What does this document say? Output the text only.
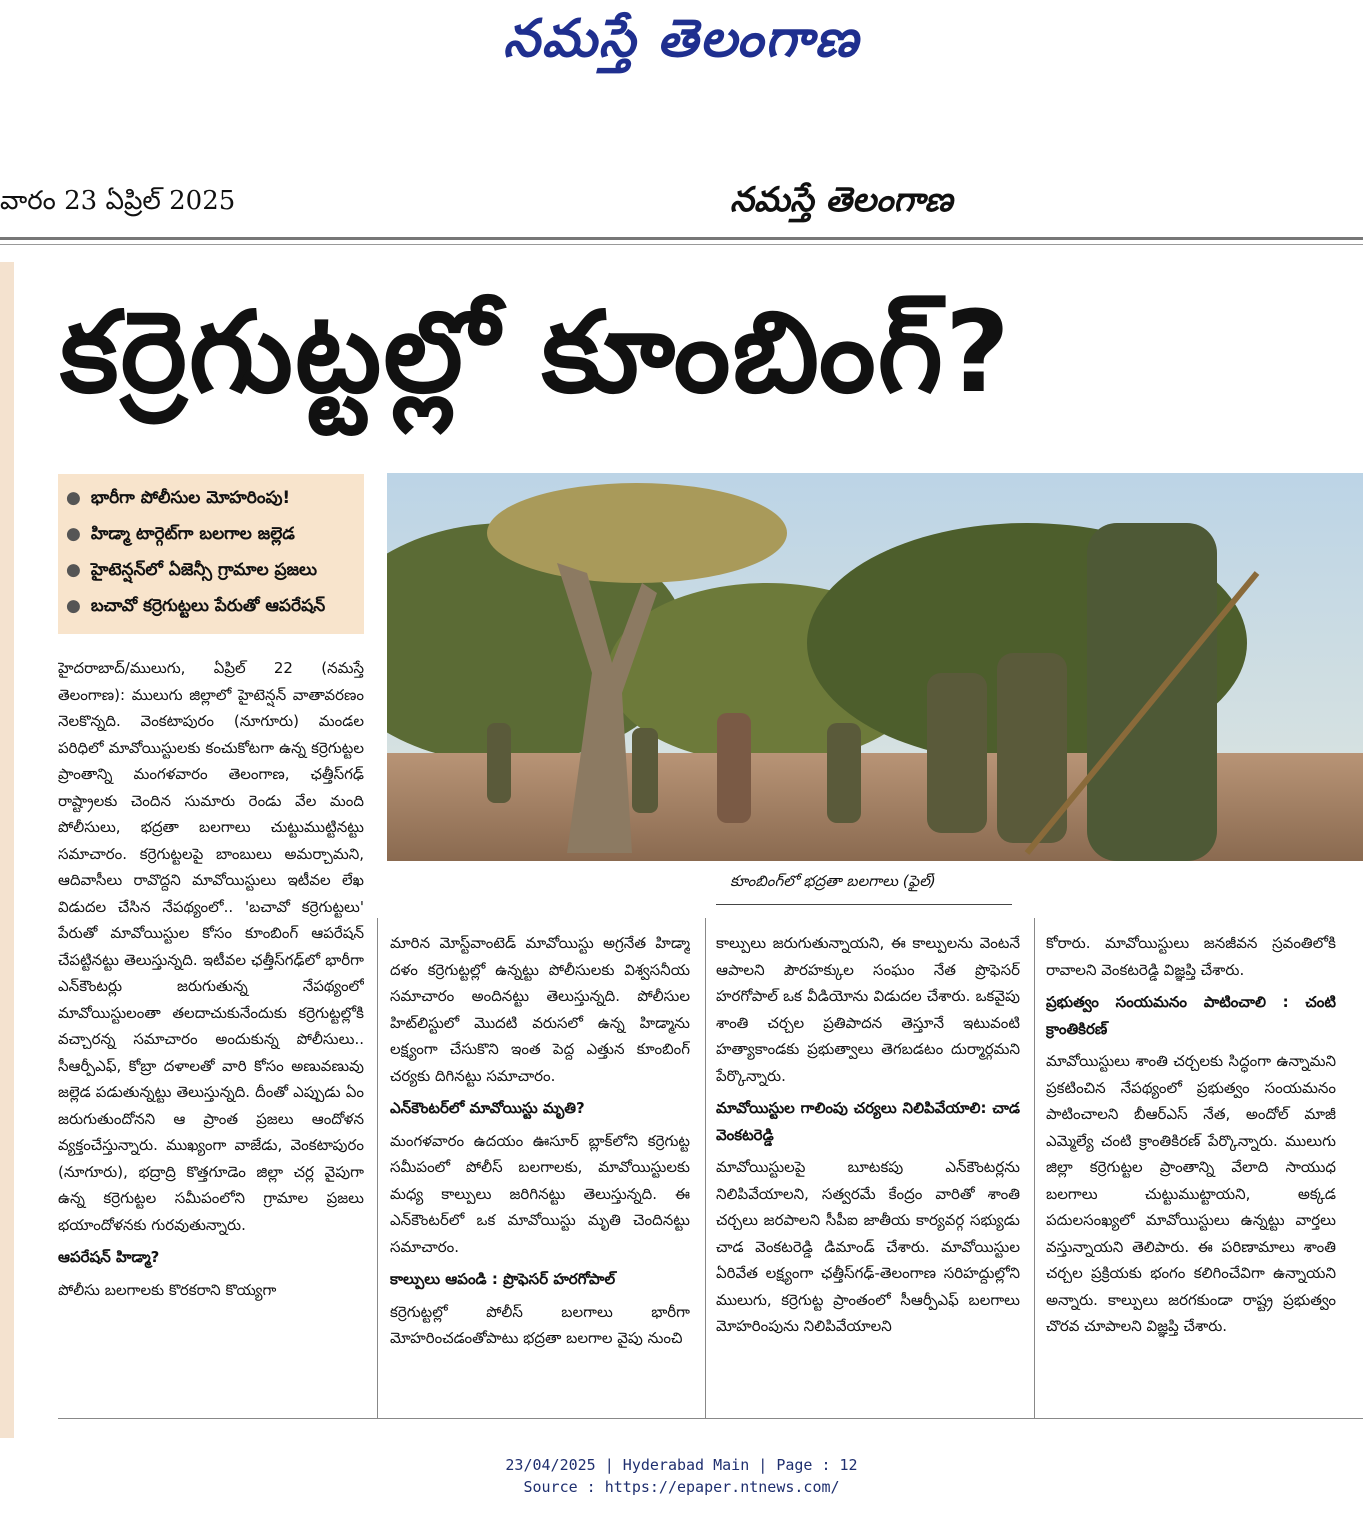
నమస్తే తెలంగాణ
వారం 23 ఏప్రిల్ 2025	నమస్తే తెలంగాణ
కర్రెగుట్టల్లో కూంబింగ్?
● భారీగా పోలీసుల మోహరింపు!
● హిడ్మా టార్గెట్‌గా బలగాల జల్లెడ
● హైటెన్షన్‌లో ఏజెన్సీ గ్రామాల ప్రజలు
● బచావో కర్రెగుట్టలు పేరుతో ఆపరేషన్
కూంబింగ్‌లో భద్రతా బలగాలు (ఫైల్)

హైదరాబాద్/ములుగు, ఏప్రిల్ 22 (నమస్తే తెలంగాణ): ములుగు జిల్లాలో హైటెన్షన్ వాతావరణం నెలకొన్నది. వెంకటాపురం (నూగూరు) మండల పరిధిలో మావోయిస్టులకు కంచుకోటగా ఉన్న కర్రెగుట్టల ప్రాంతాన్ని మంగళవారం తెలంగాణ, ఛత్తీస్‌గఢ్ రాష్ట్రాలకు చెందిన సుమారు రెండు వేల మంది పోలీసులు, భద్రతా బలగాలు చుట్టుముట్టినట్టు సమాచారం. కర్రెగుట్టలపై బాంబులు అమర్చామని, ఆదివాసీలు రావొద్దని మావోయిస్టులు ఇటీవల లేఖ విడుదల చేసిన నేపథ్యంలో.. 'బచావో కర్రెగుట్టలు' పేరుతో మావోయిస్టుల కోసం కూంబింగ్ ఆపరేషన్ చేపట్టినట్టు తెలుస్తున్నది. ఇటీవల ఛత్తీస్‌గఢ్‌లో భారీగా ఎన్‌కౌంటర్లు జరుగుతున్న నేపథ్యంలో మావోయిస్టులంతా తలదాచుకునేందుకు కర్రెగుట్టల్లోకి వచ్చారన్న సమాచారం అందుకున్న పోలీసులు.. సీఆర్పీఎఫ్, కోబ్రా దళాలతో వారి కోసం అణువణువు జల్లెడ పడుతున్నట్టు తెలుస్తున్నది. దీంతో ఎప్పుడు ఏం జరుగుతుందోనని ఆ ప్రాంత ప్రజలు ఆందోళన వ్యక్తంచేస్తున్నారు. ముఖ్యంగా వాజేడు, వెంకటాపురం (నూగూరు), భద్రాద్రి కొత్తగూడెం జిల్లా చర్ల వైపుగా ఉన్న కర్రెగుట్టల సమీపంలోని గ్రామాల ప్రజలు భయాందోళనకు గురవుతున్నారు.

ఆపరేషన్ హిడ్మా?

పోలీసు బలగాలకు కొరకరాని కొయ్యగా

మారిన మోస్ట్‌వాంటెడ్ మావోయిస్టు అగ్రనేత హిడ్మా దళం కర్రెగుట్టల్లో ఉన్నట్టు పోలీసులకు విశ్వసనీయ సమాచారం అందినట్టు తెలుస్తున్నది. పోలీసుల హిట్‌లిస్టులో మొదటి వరుసలో ఉన్న హిడ్మాను లక్ష్యంగా చేసుకొని ఇంత పెద్ద ఎత్తున కూంబింగ్ చర్యకు దిగినట్టు సమాచారం.

ఎన్‌కౌంటర్‌లో మావోయిస్టు మృతి?

మంగళవారం ఉదయం ఊసూర్ బ్లాక్‌లోని కర్రెగుట్ట సమీపంలో పోలీస్ బలగాలకు, మావోయిస్టులకు మధ్య కాల్పులు జరిగినట్టు తెలుస్తున్నది. ఈ ఎన్‌కౌంటర్‌లో ఒక మావోయిస్టు మృతి చెందినట్టు సమాచారం.

కాల్పులు ఆపండి : ప్రొఫెసర్ హరగోపాల్

కర్రెగుట్టల్లో పోలీస్ బలగాలు భారీగా మోహరించడంతోపాటు భద్రతా బలగాల వైపు నుంచి

కాల్పులు జరుగుతున్నాయని, ఈ కాల్పులను వెంటనే ఆపాలని పౌరహక్కుల సంఘం నేత ప్రొఫెసర్ హరగోపాల్ ఒక వీడియోను విడుదల చేశారు. ఒకవైపు శాంతి చర్చల ప్రతిపాదన తెస్తూనే ఇటువంటి హత్యాకాండకు ప్రభుత్వాలు తెగబడటం దుర్మార్గమని పేర్కొన్నారు.

మావోయిస్టుల గాలింపు చర్యలు నిలిపివేయాలి: చాడ వెంకటరెడ్డి

మావోయిస్టులపై బూటకపు ఎన్‌కౌంటర్లను నిలిపివేయాలని, సత్వరమే కేంద్రం వారితో శాంతి చర్చలు జరపాలని సీపీఐ జాతీయ కార్యవర్గ సభ్యుడు చాడ వెంకటరెడ్డి డిమాండ్ చేశారు. మావోయిస్టుల ఏరివేత లక్ష్యంగా ఛత్తీస్‌గఢ్-తెలంగాణ సరిహద్దుల్లోని ములుగు, కర్రెగుట్ట ప్రాంతంలో సీఆర్పీఎఫ్ బలగాలు మోహరింపును నిలిపివేయాలని

కోరారు. మావోయిస్టులు జనజీవన స్రవంతిలోకి రావాలని వెంకటరెడ్డి విజ్ఞప్తి చేశారు.

ప్రభుత్వం సంయమనం పాటించాలి : చంటి క్రాంతికిరణ్

మావోయిస్టులు శాంతి చర్చలకు సిద్ధంగా ఉన్నామని ప్రకటించిన నేపథ్యంలో ప్రభుత్వం సంయమనం పాటించాలని బీఆర్ఎస్ నేత, అందోల్ మాజీ ఎమ్మెల్యే చంటి క్రాంతికిరణ్ పేర్కొన్నారు. ములుగు జిల్లా కర్రెగుట్టల ప్రాంతాన్ని వేలాది సాయుధ బలగాలు చుట్టుముట్టాయని, అక్కడ పదులసంఖ్యలో మావోయిస్టులు ఉన్నట్టు వార్తలు వస్తున్నాయని తెలిపారు. ఈ పరిణామాలు శాంతి చర్చల ప్రక్రియకు భంగం కలిగించేవిగా ఉన్నాయని అన్నారు. కాల్పులు జరగకుండా రాష్ట్ర ప్రభుత్వం చొరవ చూపాలని విజ్ఞప్తి చేశారు.

23/04/2025 | Hyderabad Main | Page : 12
Source : https://epaper.ntnews.com/
